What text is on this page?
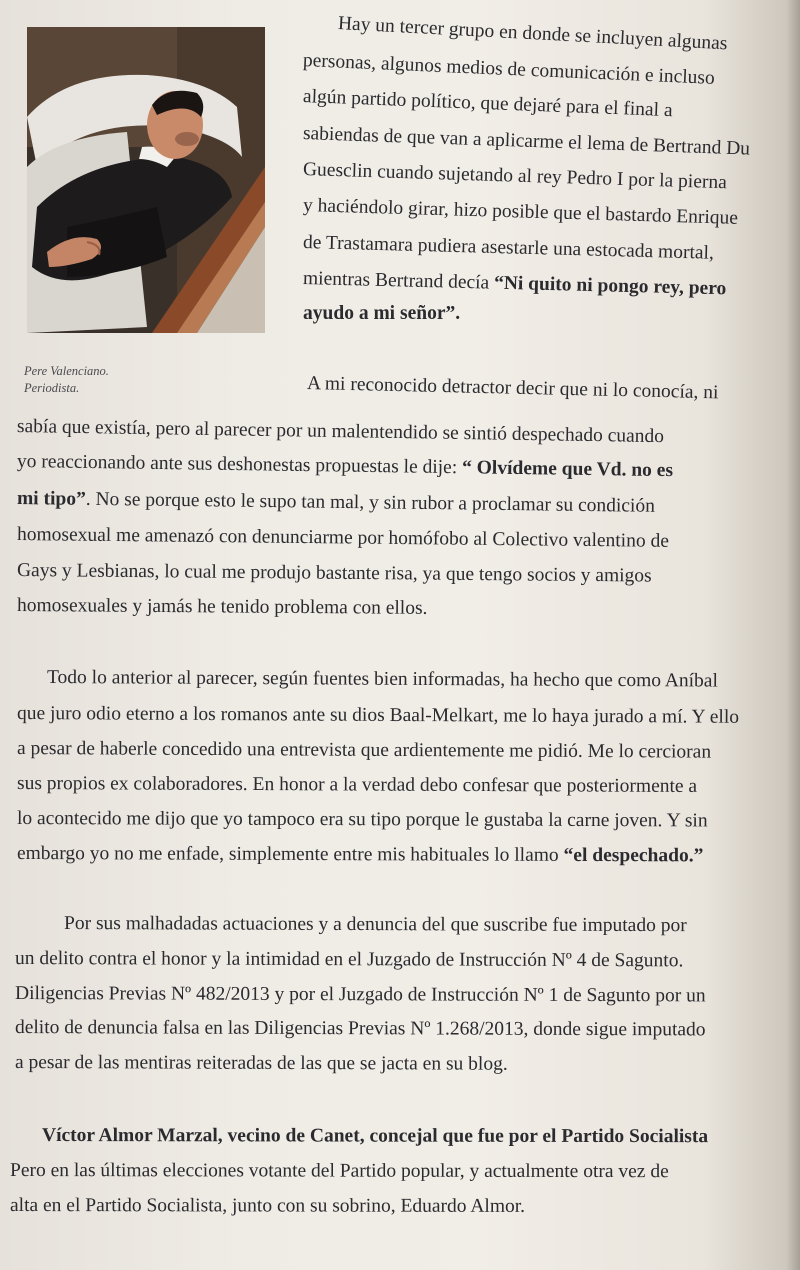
Pere Valenciano.
Periodista.
Hay un tercer grupo en donde se incluyen algunas
personas, algunos medios de comunicación e incluso
algún partido político, que dejaré para el final a
sabiendas de que van a aplicarme el lema de Bertrand Du
Guesclin cuando sujetando al rey Pedro I por la pierna
y haciéndolo girar, hizo posible que el bastardo Enrique
de Trastamara pudiera asestarle una estocada mortal,
mientras Bertrand decía “Ni quito ni pongo rey, pero
ayudo a mi señor”.
A mi reconocido detractor decir que ni lo conocía, ni
sabía que existía, pero al parecer por un malentendido se sintió despechado cuando
yo reaccionando ante sus deshonestas propuestas le dije: “ Olvídeme que Vd. no es
mi tipo”. No se porque esto le supo tan mal, y sin rubor a proclamar su condición
homosexual me amenazó con denunciarme por homófobo al Colectivo valentino de
Gays y Lesbianas, lo cual me produjo bastante risa, ya que tengo socios y amigos
homosexuales y jamás he tenido problema con ellos.
Todo lo anterior al parecer, según fuentes bien informadas, ha hecho que como Aníbal
que juro odio eterno a los romanos ante su dios Baal-Melkart, me lo haya jurado a mí. Y ello
a pesar de haberle concedido una entrevista que ardientemente me pidió. Me lo cercioran
sus propios ex colaboradores. En honor a la verdad debo confesar que posteriormente a
lo acontecido me dijo que yo tampoco era su tipo porque le gustaba la carne joven. Y sin
embargo yo no me enfade, simplemente entre mis habituales lo llamo “el despechado.”
Por sus malhadadas actuaciones y a denuncia del que suscribe fue imputado por
un delito contra el honor y la intimidad en el Juzgado de Instrucción Nº 4 de Sagunto.
Diligencias Previas Nº 482/2013 y por el Juzgado de Instrucción Nº 1 de Sagunto por un
delito de denuncia falsa en las Diligencias Previas Nº 1.268/2013, donde sigue imputado
a pesar de las mentiras reiteradas de las que se jacta en su blog.
Víctor Almor Marzal, vecino de Canet, concejal que fue por el Partido Socialista
Pero en las últimas elecciones votante del Partido popular, y actualmente otra vez de
alta en el Partido Socialista, junto con su sobrino, Eduardo Almor.
